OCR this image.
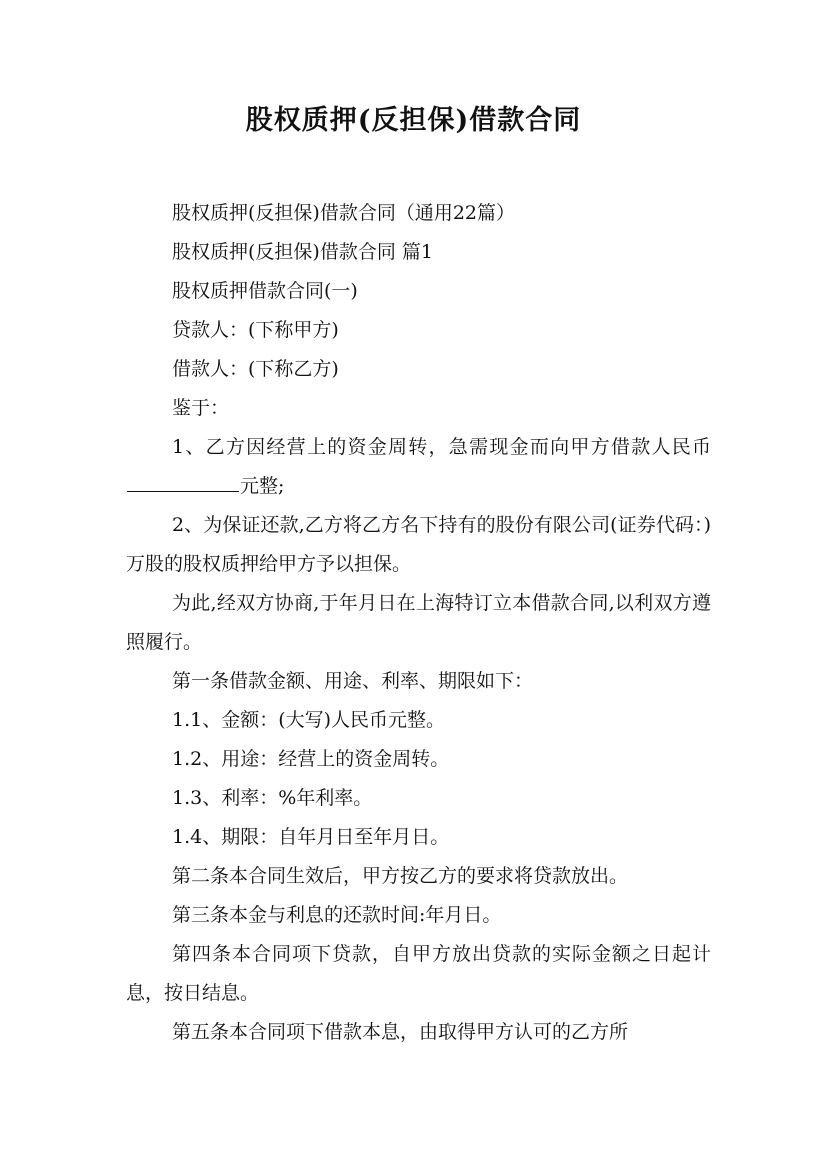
股权质押(反担保)借款合同

股权质押(反担保)借款合同（通用22篇）

股权质押(反担保)借款合同 篇1

股权质押借款合同(一)

贷款人：(下称甲方)

借款人：(下称乙方)

鉴于：

1、乙方因经营上的资金周转，急需现金而向甲方借款人民币元整;

2、为保证还款,乙方将乙方名下持有的股份有限公司(证券代码：)万股的股权质押给甲方予以担保。

为此,经双方协商,于年月日在上海特订立本借款合同,以利双方遵照履行。

第一条借款金额、用途、利率、期限如下：

1.1、金额：(大写)人民币元整。

1.2、用途：经营上的资金周转。

1.3、利率：%年利率。

1.4、期限：自年月日至年月日。

第二条本合同生效后，甲方按乙方的要求将贷款放出。

第三条本金与利息的还款时间:年月日。

第四条本合同项下贷款，自甲方放出贷款的实际金额之日起计息，按日结息。

第五条本合同项下借款本息，由取得甲方认可的乙方所
